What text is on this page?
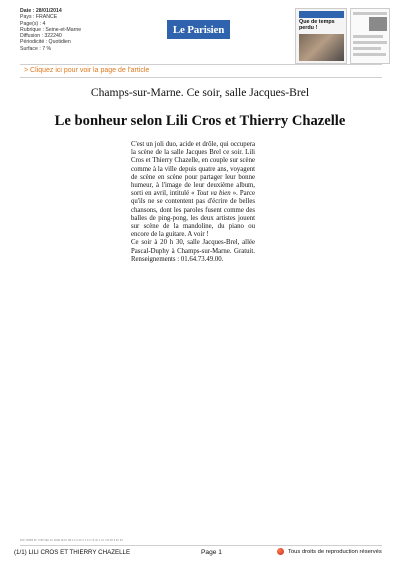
Date : 28/01/2014
Pays : FRANCE
Page(s) : 4
Rubrique : Seine-et-Marne
Diffusion : 322240
Périodicité : Quotidien
Surface : 7 %
Le Parisien
Que de temps perdu !
> Cliquez ici pour voir la page de l'article
Champs-sur-Marne. Ce soir, salle Jacques-Brel
Le bonheur selon Lili Cros et Thierry Chazelle

C'est un joli duo, acide et drôle, qui occupera la scène de la salle Jacques Brel ce soir. Lili Cros et Thierry Chazelle, en couple sur scène comme à la ville depuis quatre ans, voyagent de scène en scène pour partager leur bonne humeur, à l'image de leur deuxième album, sorti en avril, intitulé « Tout va bien ». Parce qu'ils ne se contentent pas d'écrire de belles chansons, dont les paroles fusent comme des balles de ping-pong, les deux artistes jouent sur scène de la mandoline, du piano ou encore de la guitare. A voir !

Ce soir à 20 h 30, salle Jacques-Brel, allée Pascal-Duphy à Champs-sur-Marne. Gratuit. Renseignements : 01.64.73.49.00.

5A8 7D5B5 0F 7C85 5E0 2C 4D0E 8F1C 6B A F 9 2C 0 3 A 6 7F 4F 1 1C 3 B 4D 9 E7 6C
(1/1) LILI CROS ET THIERRY CHAZELLE	Page 1	Tous droits de reproduction réservés
